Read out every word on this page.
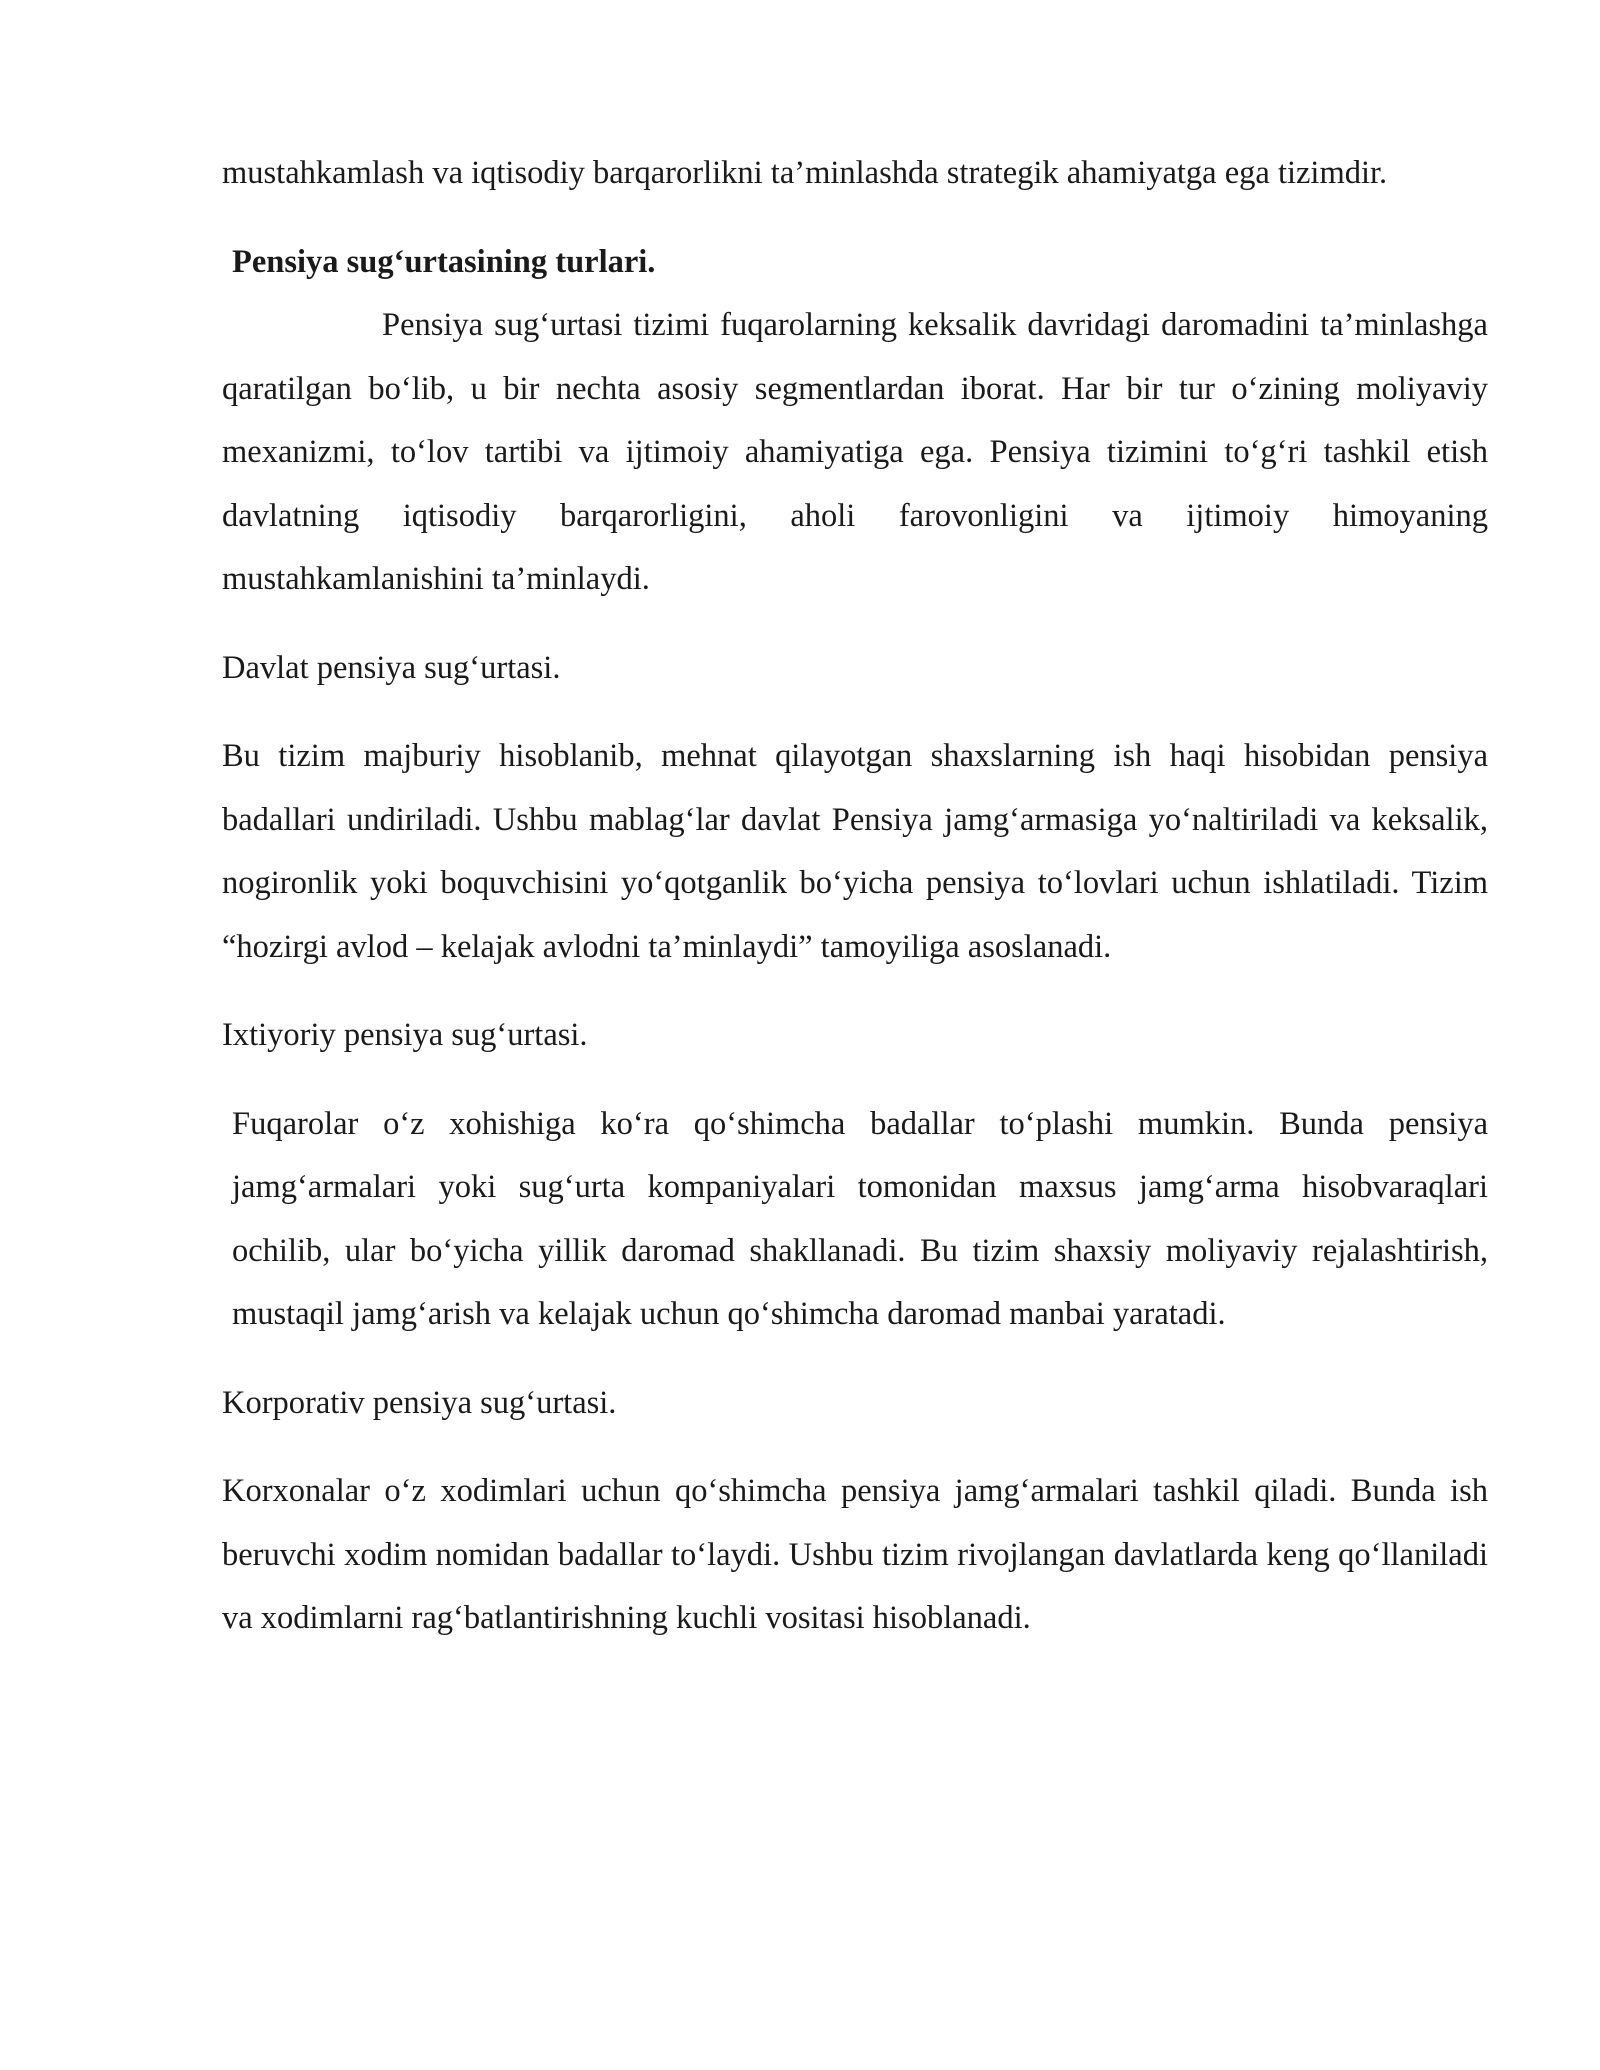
mustahkamlash va iqtisodiy barqarorlikni ta’minlashda strategik ahamiyatga ega tizimdir.

Pensiya sug‘urtasining turlari.

Pensiya sug‘urtasi tizimi fuqarolarning keksalik davridagi daromadini ta’minlashga qaratilgan bo‘lib, u bir nechta asosiy segmentlardan iborat. Har bir tur o‘zining moliyaviy mexanizmi, to‘lov tartibi va ijtimoiy ahamiyatiga ega. Pensiya tizimini to‘g‘ri tashkil etish davlatning iqtisodiy barqarorligini, aholi farovonligini va ijtimoiy himoyaning mustahkamlanishini ta’minlaydi.

Davlat pensiya sug‘urtasi.

Bu tizim majburiy hisoblanib, mehnat qilayotgan shaxslarning ish haqi hisobidan pensiya badallari undiriladi. Ushbu mablag‘lar davlat Pensiya jamg‘armasiga yo‘naltiriladi va keksalik, nogironlik yoki boquvchisini yo‘qotganlik bo‘yicha pensiya to‘lovlari uchun ishlatiladi. Tizim “hozirgi avlod – kelajak avlodni ta’minlaydi” tamoyiliga asoslanadi.

Ixtiyoriy pensiya sug‘urtasi.

Fuqarolar o‘z xohishiga ko‘ra qo‘shimcha badallar to‘plashi mumkin. Bunda pensiya jamg‘armalari yoki sug‘urta kompaniyalari tomonidan maxsus jamg‘arma hisobvaraqlari ochilib, ular bo‘yicha yillik daromad shakllanadi. Bu tizim shaxsiy moliyaviy rejalashtirish, mustaqil jamg‘arish va kelajak uchun qo‘shimcha daromad manbai yaratadi.

Korporativ pensiya sug‘urtasi.

Korxonalar o‘z xodimlari uchun qo‘shimcha pensiya jamg‘armalari tashkil qiladi. Bunda ish beruvchi xodim nomidan badallar to‘laydi. Ushbu tizim rivojlangan davlatlarda keng qo‘llaniladi va xodimlarni rag‘batlantirishning kuchli vositasi hisoblanadi.
